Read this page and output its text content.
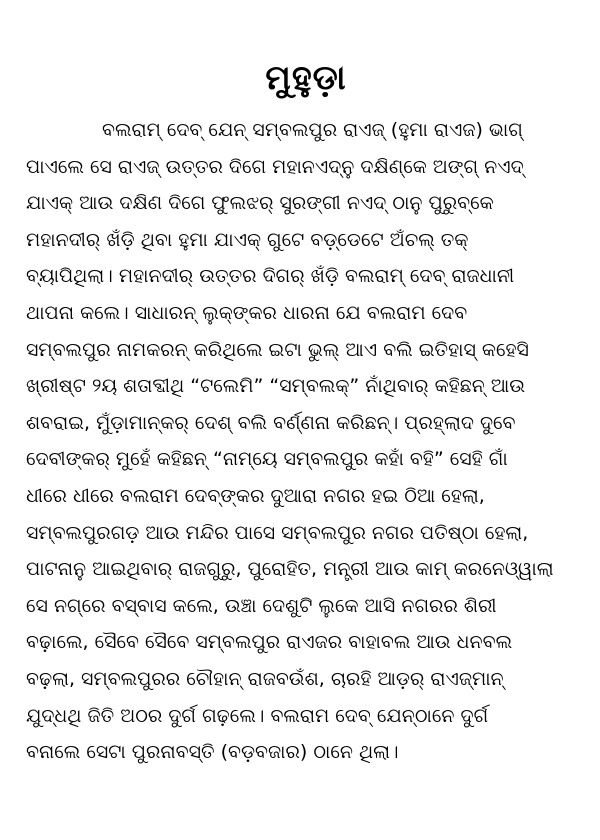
ମୁହୁଡ଼ା
ବଲରାମ୍ ଦେବ୍ ଯେନ୍ ସମ୍ବଲପୁର ରାଏଜ୍ (ହୁମା ରାଏଜ) ଭାଗ୍
ପାଏଲେ ସେ ରାଏଜ୍ ଉତ୍ତର ଦିଗେ ମହାନଏଦ୍‌ନୁ ଦକ୍ଷିଣ୍‌କେ ଅଙ୍ଗ୍ ନଏଦ୍
ଯାଏକ୍ ଆଉ ଦକ୍ଷିଣ ଦିଗେ ଫୁଲଝର୍ ସୁରଙ୍ଗୀ ନଏଦ୍ ଠାନୁ ପୁରୁବ୍‌କେ
ମହାନଦୀର୍ ଖଁଡ଼ି ଥିବା ହୁମା ଯାଏକ୍ ଗୁଟେ ବଡ଼୍‌ଡେଟେ ଅଁଚଲ୍ ତକ୍
ବ୍ୟାପିଥିଲା। ମହାନଦୀର୍ ଉତ୍ତର ଦିଗର୍ ଖଁଡ଼ି ବଲରାମ୍ ଦେବ୍ ରାଜଧାନୀ
ଥାପନା କଲେ। ସାଧାରନ୍ ଲୁକ୍‌ଙ୍କର ଧାରନା ଯେ ବଲରାମ ଦେବ
ସମ୍ବଲପୁର ନାମକରନ୍ କରିଥିଲେ ଇଟା ଭୁଲ୍ ଆଏ ବଲି ଇତିହାସ୍ କହେସି
ଖ୍ରୀଷ୍ଟ ୨ୟ ଶତାବ୍ଦୀଥି “ଟଲେମି” “ସମ୍ବଲକ୍” ନାଁଥିବାର୍ କହିଛନ୍ ଆଉ
ଶବରାଇ, ମୁଁଡ଼ାମାନ୍‌କର୍ ଦେଶ୍ ବଲି ବର୍ଣ୍ଣନା କରିଛନ୍। ପ୍ରହ୍ଲାଦ ଦୁବେ
ଦେବୀଙ୍କର୍ ମୁହେଁ କହିଛନ୍ “ନାମ୍‌ୟେ ସମ୍ବଲପୁର କହାଁ ବହି” ସେହି ଗାଁ
ଧୀରେ ଧୀରେ ବଲରାମ ଦେବ୍‌ଙ୍କର ଦୁଆରା ନଗର ହଇ ଠିଆ ହେଲା,
ସମ୍ବଲପୁରଗଡ଼ ଆଉ ମନ୍ଦିର ପାସେ ସମ୍ବଲପୁର ନଗର ପତିଷ୍ଠା ହେଲା,
ପାଟନାନୁ ଆଇଥିବାର୍ ରାଜଗୁରୁ, ପୁରୋହିତ, ମନ୍ତ୍ରୀ ଆଉ କାମ୍ କରନେଓ୍ୱାଲା
ସେ ନଗ୍‌ରେ ବସ୍‌ବାସ କଲେ, ଉଞ୍ଚା ଦେଶୁଟି ଲୁକେ ଆସି ନଗରର ଶିରୀ
ବଢ଼ାଲେ, ସୈବେ ସୈବେ ସମ୍ବଲପୁର ରାଏଜର ବାହାବଲ ଆଉ ଧନବଲ
ବଢ଼ଲା, ସମ୍ବଲପୁରର ଚୌହାନ୍ ରାଜବଉଁଶ, ଚାରହି ଆଡ଼ର୍ ରାଏଜ୍‌ମାନ୍
ଯୁଦ୍ଧଥି ଜିତି ଅଠର ଦୁର୍ଗ ଗଢ଼ଲେ। ବଲରାମ ଦେବ୍ ଯେନ୍‌ଠାନେ ଦୁର୍ଗ
ବନାଲେ ସେଟା ପୁରନାବସ୍ତି (ବଡ଼ବଜାର) ଠାନେ ଥିଲା।
